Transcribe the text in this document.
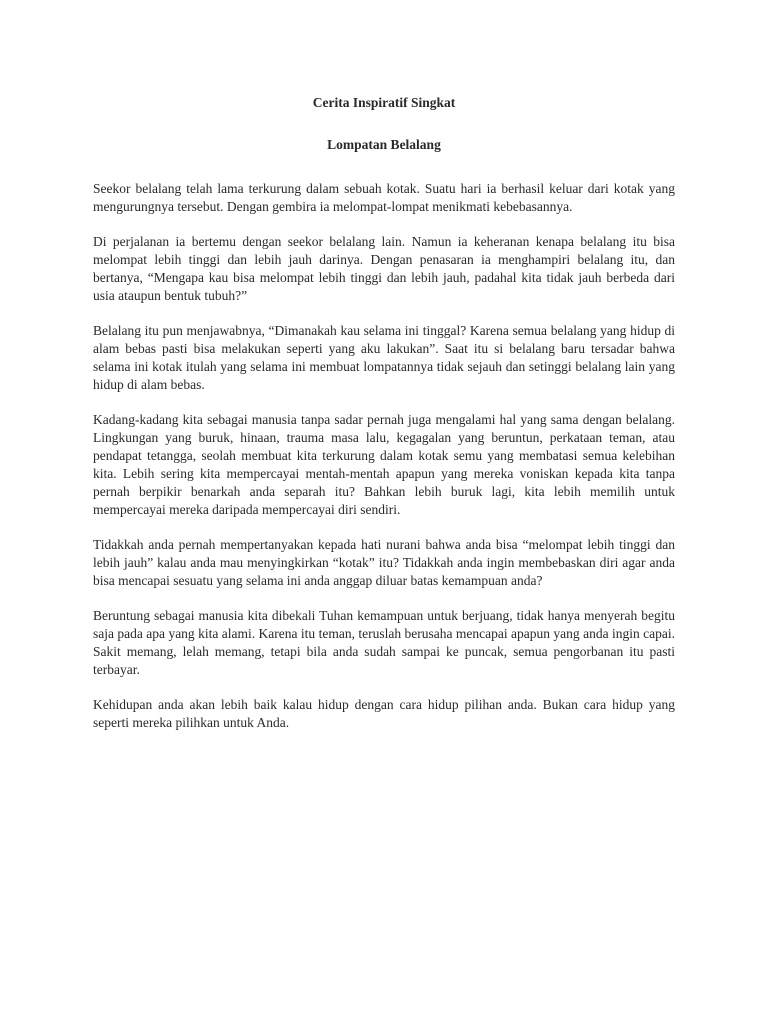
Cerita Inspiratif Singkat
Lompatan Belalang

Seekor belalang telah lama terkurung dalam sebuah kotak. Suatu hari ia berhasil keluar dari kotak yang mengurungnya tersebut. Dengan gembira ia melompat-lompat menikmati kebebasannya.

Di perjalanan ia bertemu dengan seekor belalang lain. Namun ia keheranan kenapa belalang itu bisa melompat lebih tinggi dan lebih jauh darinya. Dengan penasaran ia menghampiri belalang itu, dan bertanya, “Mengapa kau bisa melompat lebih tinggi dan lebih jauh, padahal kita tidak jauh berbeda dari usia ataupun bentuk tubuh?”

Belalang itu pun menjawabnya, “Dimanakah kau selama ini tinggal? Karena semua belalang yang hidup di alam bebas pasti bisa melakukan seperti yang aku lakukan”. Saat itu si belalang baru tersadar bahwa selama ini kotak itulah yang selama ini membuat lompatannya tidak sejauh dan setinggi belalang lain yang hidup di alam bebas.

Kadang-kadang kita sebagai manusia tanpa sadar pernah juga mengalami hal yang sama dengan belalang. Lingkungan yang buruk, hinaan, trauma masa lalu, kegagalan yang beruntun, perkataan teman, atau pendapat tetangga, seolah membuat kita terkurung dalam kotak semu yang membatasi semua kelebihan kita. Lebih sering kita mempercayai mentah-mentah apapun yang mereka voniskan kepada kita tanpa pernah berpikir benarkah anda separah itu? Bahkan lebih buruk lagi, kita lebih memilih untuk mempercayai mereka daripada mempercayai diri sendiri.

Tidakkah anda pernah mempertanyakan kepada hati nurani bahwa anda bisa “melompat lebih tinggi dan lebih jauh” kalau anda mau menyingkirkan “kotak” itu? Tidakkah anda ingin membebaskan diri agar anda bisa mencapai sesuatu yang selama ini anda anggap diluar batas kemampuan anda?

Beruntung sebagai manusia kita dibekali Tuhan kemampuan untuk berjuang, tidak hanya menyerah begitu saja pada apa yang kita alami. Karena itu teman, teruslah berusaha mencapai apapun yang anda ingin capai. Sakit memang, lelah memang, tetapi bila anda sudah sampai ke puncak, semua pengorbanan itu pasti terbayar.

Kehidupan anda akan lebih baik kalau hidup dengan cara hidup pilihan anda. Bukan cara hidup yang seperti mereka pilihkan untuk Anda.
